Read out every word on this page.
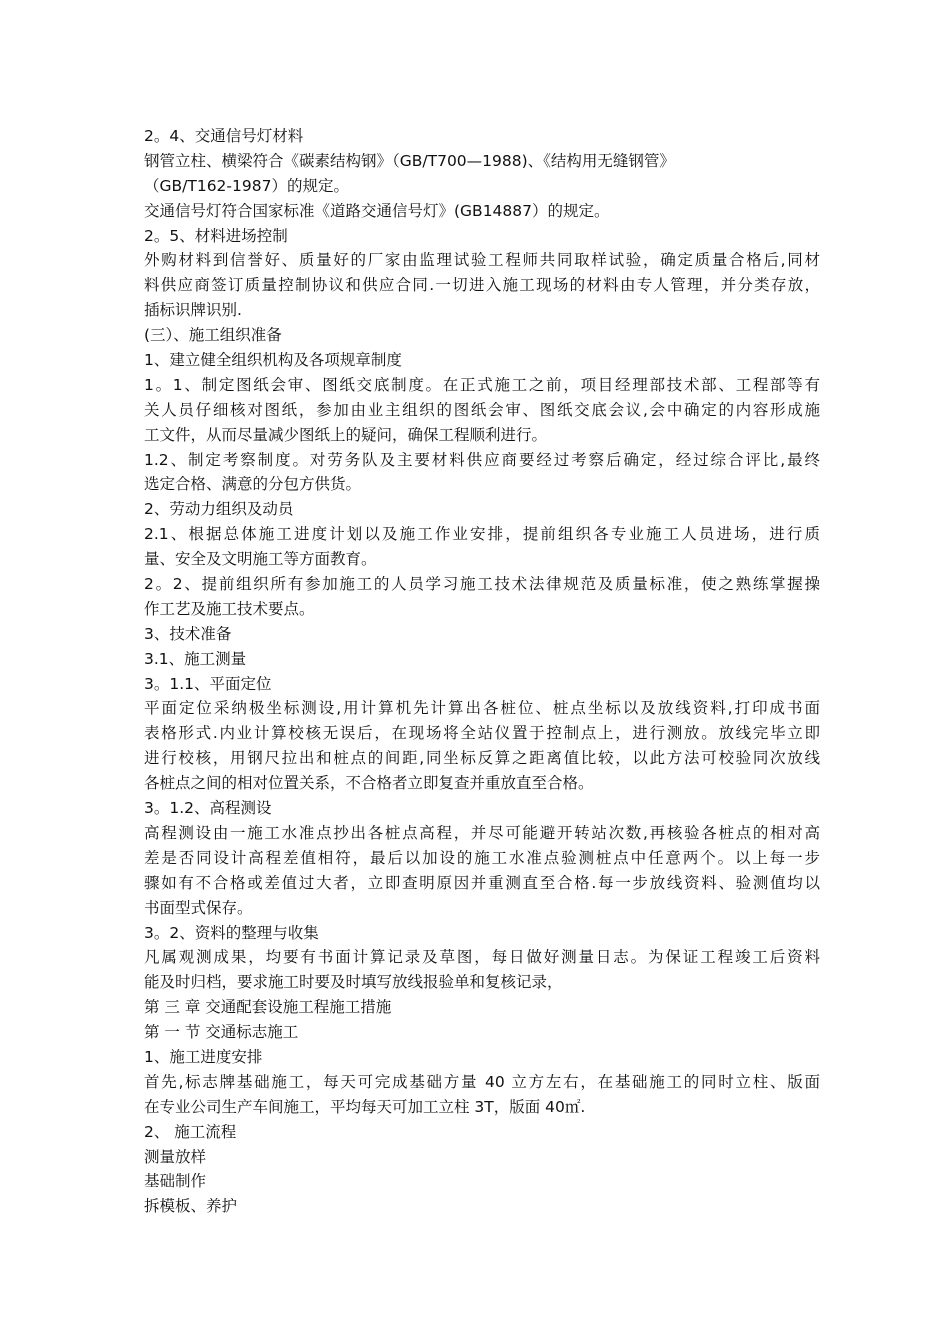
2。4、交通信号灯材料
钢管立柱、横梁符合《碳素结构钢》（GB/T700—1988)、《结构用无缝钢管》
（GB/T162-1987）的规定。
交通信号灯符合国家标准《道路交通信号灯》(GB14887）的规定。
2。5、材料进场控制
外购材料到信誉好、质量好的厂家由监理试验工程师共同取样试验，确定质量合格后,同材
料供应商签订质量控制协议和供应合同.一切进入施工现场的材料由专人管理，并分类存放，
插标识牌识别.
(三）、施工组织准备
1、建立健全组织机构及各项规章制度
1。1、制定图纸会审、图纸交底制度。在正式施工之前，项目经理部技术部、工程部等有
关人员仔细核对图纸，参加由业主组织的图纸会审、图纸交底会议,会中确定的内容形成施
工文件，从而尽量减少图纸上的疑问，确保工程顺利进行。
1.2、制定考察制度。对劳务队及主要材料供应商要经过考察后确定，经过综合评比,最终
选定合格、满意的分包方供货。
2、劳动力组织及动员
2.1、根据总体施工进度计划以及施工作业安排，提前组织各专业施工人员进场，进行质
量、安全及文明施工等方面教育。
2。2、提前组织所有参加施工的人员学习施工技术法律规范及质量标准，使之熟练掌握操
作工艺及施工技术要点。
3、技术准备
3.1、施工测量
3。1.1、平面定位
平面定位采纳极坐标测设,用计算机先计算出各桩位、桩点坐标以及放线资料,打印成书面
表格形式.内业计算校核无误后，在现场将全站仪置于控制点上，进行测放。放线完毕立即
进行校核，用钢尺拉出和桩点的间距,同坐标反算之距离值比较，以此方法可校验同次放线
各桩点之间的相对位置关系，不合格者立即复查并重放直至合格。
3。1.2、高程测设
高程测设由一施工水准点抄出各桩点高程，并尽可能避开转站次数,再核验各桩点的相对高
差是否同设计高程差值相符，最后以加设的施工水准点验测桩点中任意两个。以上每一步
骤如有不合格或差值过大者，立即查明原因并重测直至合格.每一步放线资料、验测值均以
书面型式保存。
3。2、资料的整理与收集
凡属观测成果，均要有书面计算记录及草图，每日做好测量日志。为保证工程竣工后资料
能及时归档，要求施工时要及时填写放线报验单和复核记录，
第 三 章 交通配套设施工程施工措施
第 一 节 交通标志施工
1、施工进度安排
首先,标志牌基础施工，每天可完成基础方量 40 立方左右，在基础施工的同时立柱、版面
在专业公司生产车间施工，平均每天可加工立柱 3T，版面 40㎡.
2、 施工流程
测量放样
基础制作
拆模板、养护
